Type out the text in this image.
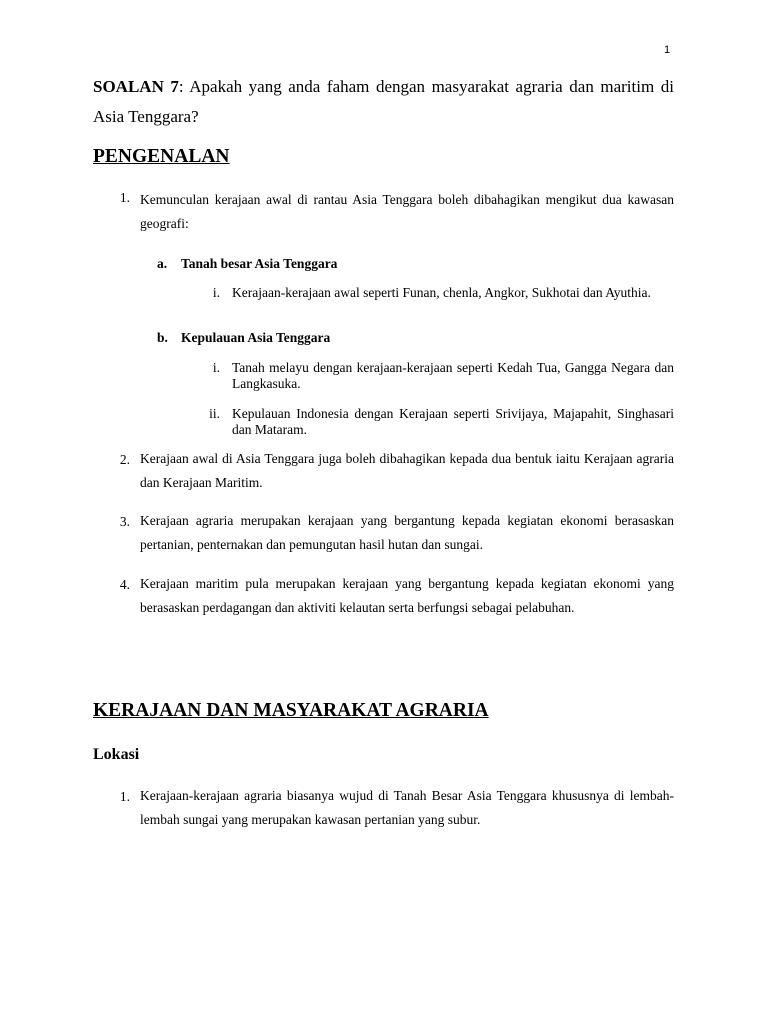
1
SOALAN 7: Apakah yang anda faham dengan masyarakat agraria dan maritim di Asia Tenggara?
PENGENALAN
1. Kemunculan kerajaan awal di rantau Asia Tenggara boleh dibahagikan mengikut dua kawasan geografi:
a. Tanah besar Asia Tenggara
i. Kerajaan-kerajaan awal seperti Funan, chenla, Angkor, Sukhotai dan Ayuthia.
b. Kepulauan Asia Tenggara
i. Tanah melayu dengan kerajaan-kerajaan seperti Kedah Tua, Gangga Negara dan Langkasuka.
ii. Kepulauan Indonesia dengan Kerajaan seperti Srivijaya, Majapahit, Singhasari dan Mataram.
2. Kerajaan awal di Asia Tenggara juga boleh dibahagikan kepada dua bentuk iaitu Kerajaan agraria dan Kerajaan Maritim.
3. Kerajaan agraria merupakan kerajaan yang bergantung kepada kegiatan ekonomi berasaskan pertanian, penternakan dan pemungutan hasil hutan dan sungai.
4. Kerajaan maritim pula merupakan kerajaan yang bergantung kepada kegiatan ekonomi yang berasaskan perdagangan dan aktiviti kelautan serta berfungsi sebagai pelabuhan.
KERAJAAN DAN MASYARAKAT AGRARIA
Lokasi
1. Kerajaan-kerajaan agraria biasanya wujud di Tanah Besar Asia Tenggara khususnya di lembah-lembah sungai yang merupakan kawasan pertanian yang subur.
